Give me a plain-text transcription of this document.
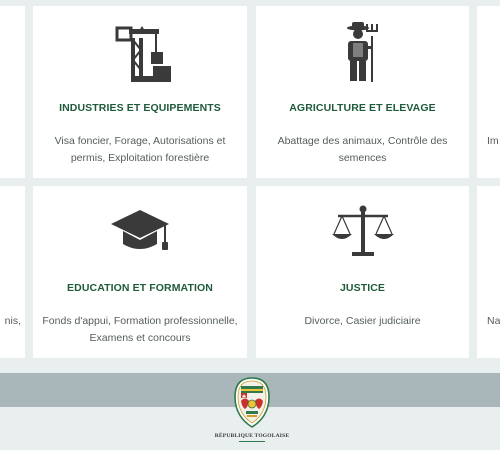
INDUSTRIES ET EQUIPEMENTS
Visa foncier, Forage, Autorisations et
permis, Exploitation forestière
AGRICULTURE ET ELEVAGE
Abattage des animaux, Contrôle des
semences
Im
nis,
EDUCATION ET FORMATION
Fonds d'appui, Formation professionnelle,
Examens et concours
JUSTICE
Divorce, Casier judiciaire	Na
RÉPUBLIQUE TOGOLAISE
